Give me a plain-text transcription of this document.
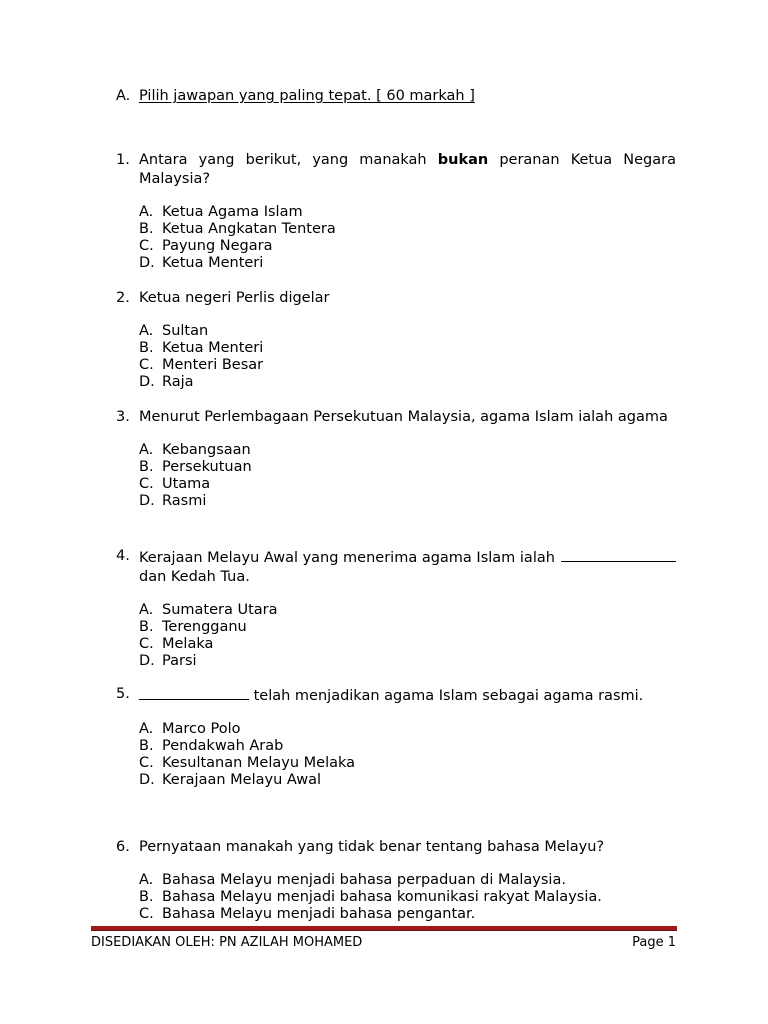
A. Pilih jawapan yang paling tepat. [ 60 markah ]
1. Antara yang berikut, yang manakah bukan peranan Ketua Negara Malaysia?
A. Ketua Agama Islam
B. Ketua Angkatan Tentera
C. Payung Negara
D. Ketua Menteri
2. Ketua negeri Perlis digelar
A. Sultan
B. Ketua Menteri
C. Menteri Besar
D. Raja
3. Menurut Perlembagaan Persekutuan Malaysia, agama Islam ialah agama
A. Kebangsaan
B. Persekutuan
C. Utama
D. Rasmi
4. Kerajaan Melayu Awal yang menerima agama Islam ialah
dan Kedah Tua.
A. Sumatera Utara
B. Terengganu
C. Melaka
D. Parsi
5.	telah menjadikan agama Islam sebagai agama rasmi.
A. Marco Polo
B. Pendakwah Arab
C. Kesultanan Melayu Melaka
D. Kerajaan Melayu Awal
6. Pernyataan manakah yang tidak benar tentang bahasa Melayu?
A. Bahasa Melayu menjadi bahasa perpaduan di Malaysia.
B. Bahasa Melayu menjadi bahasa komunikasi rakyat Malaysia.
C. Bahasa Melayu menjadi bahasa pengantar.
DISEDIAKAN OLEH: PN AZILAH MOHAMED	Page 1
